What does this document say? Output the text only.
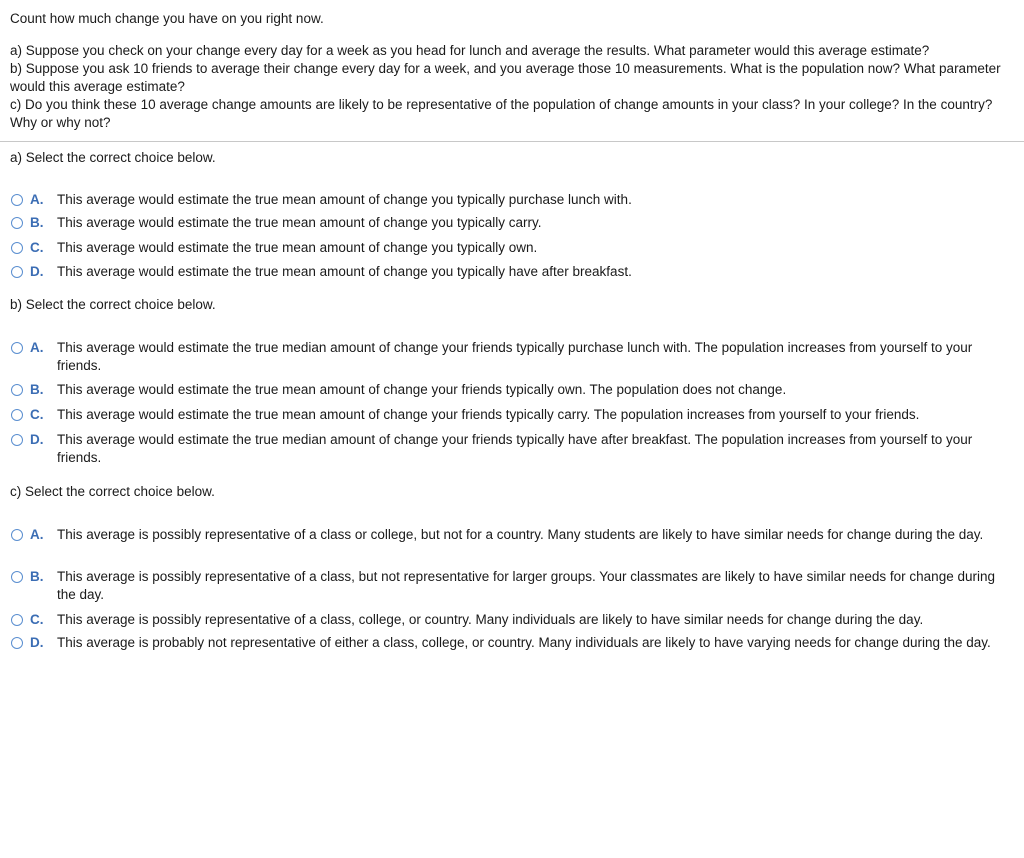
Count how much change you have on you right now.
a) Suppose you check on your change every day for a week as you head for lunch and average the results. What parameter would this average estimate?
b) Suppose you ask 10 friends to average their change every day for a week, and you average those 10 measurements. What is the population now? What parameter would this average estimate?
c) Do you think these 10 average change amounts are likely to be representative of the population of change amounts in your class? In your college? In the country? Why or why not?
a) Select the correct choice below.
A.	This average would estimate the true mean amount of change you typically purchase lunch with.
B.	This average would estimate the true mean amount of change you typically carry.
C.	This average would estimate the true mean amount of change you typically own.
D.	This average would estimate the true mean amount of change you typically have after breakfast.
b) Select the correct choice below.
A.	This average would estimate the true median amount of change your friends typically purchase lunch with. The population increases from yourself to your friends.
B.	This average would estimate the true mean amount of change your friends typically own. The population does not change.
C.	This average would estimate the true mean amount of change your friends typically carry. The population increases from yourself to your friends.
D.	This average would estimate the true median amount of change your friends typically have after breakfast. The population increases from yourself to your friends.
c) Select the correct choice below.
A.	This average is possibly representative of a class or college, but not for a country. Many students are likely to have similar needs for change during the day.
B.	This average is possibly representative of a class, but not representative for larger groups. Your classmates are likely to have similar needs for change during the day.
C.	This average is possibly representative of a class, college, or country. Many individuals are likely to have similar needs for change during the day.
D.	This average is probably not representative of either a class, college, or country. Many individuals are likely to have varying needs for change during the day.
